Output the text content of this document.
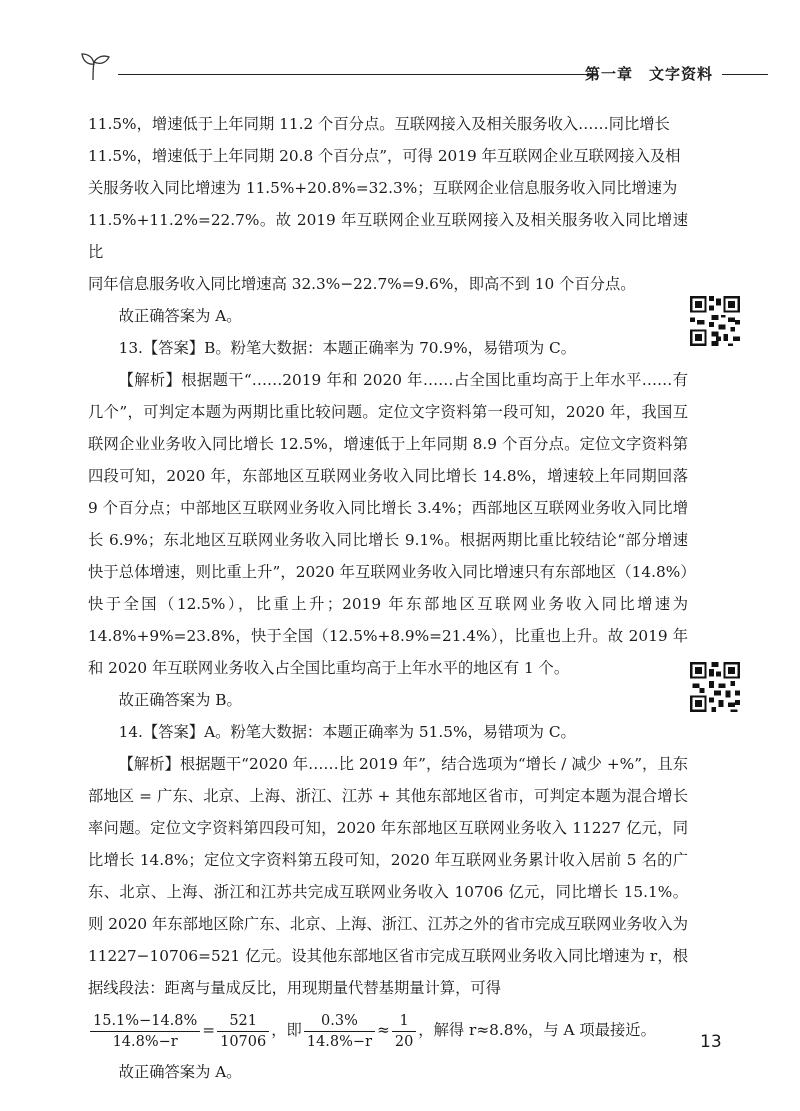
第一章　文字资料

11.5%，增速低于上年同期 11.2 个百分点。互联网接入及相关服务收入……同比增长

11.5%，增速低于上年同期 20.8 个百分点”，可得 2019 年互联网企业互联网接入及相

关服务收入同比增速为 11.5%+20.8%=32.3%；互联网企业信息服务收入同比增速为

11.5%+11.2%=22.7%。故 2019 年互联网企业互联网接入及相关服务收入同比增速比

同年信息服务收入同比增速高 32.3%−22.7%=9.6%，即高不到 10 个百分点。

故正确答案为 A。

13.【答案】B。粉笔大数据：本题正确率为 70.9%，易错项为 C。

【解析】根据题干“……2019 年和 2020 年……占全国比重均高于上年水平……有几个”，可判定本题为两期比重比较问题。定位文字资料第一段可知，2020 年，我国互联网企业业务收入同比增长 12.5%，增速低于上年同期 8.9 个百分点。定位文字资料第四段可知，2020 年，东部地区互联网业务收入同比增长 14.8%，增速较上年同期回落 9 个百分点；中部地区互联网业务收入同比增长 3.4%；西部地区互联网业务收入同比增长 6.9%；东北地区互联网业务收入同比增长 9.1%。根据两期比重比较结论“部分增速快于总体增速，则比重上升”，2020 年互联网业务收入同比增速只有东部地区（14.8%）快于全国（12.5%），比重上升；2019 年东部地区互联网业务收入同比增速为 14.8%+9%=23.8%，快于全国（12.5%+8.9%=21.4%），比重也上升。故 2019 年和 2020 年互联网业务收入占全国比重均高于上年水平的地区有 1 个。

故正确答案为 B。

14.【答案】A。粉笔大数据：本题正确率为 51.5%，易错项为 C。

【解析】根据题干“2020 年……比 2019 年”，结合选项为“增长 / 减少 +%”，且东部地区 = 广东、北京、上海、浙江、江苏 + 其他东部地区省市，可判定本题为混合增长率问题。定位文字资料第四段可知，2020 年东部地区互联网业务收入 11227 亿元，同比增长 14.8%；定位文字资料第五段可知，2020 年互联网业务累计收入居前 5 名的广东、北京、上海、浙江和江苏共完成互联网业务收入 10706 亿元，同比增长 15.1%。则 2020 年东部地区除广东、北京、上海、浙江、江苏之外的省市完成互联网业务收入为 11227−10706=521 亿元。设其他东部地区省市完成互联网业务收入同比增速为 r，根据线段法：距离与量成反比，用现期量代替基期量计算，可得

$\frac{15.1\%-14.8\%}{14.8\%-r} = \frac{521}{10706}$ ，即 $\frac{0.3\%}{14.8\%-r} \approx \frac{1}{20}$ ，解得 r≈8.8%，与 A 项最接近。

故正确答案为 A。

13
